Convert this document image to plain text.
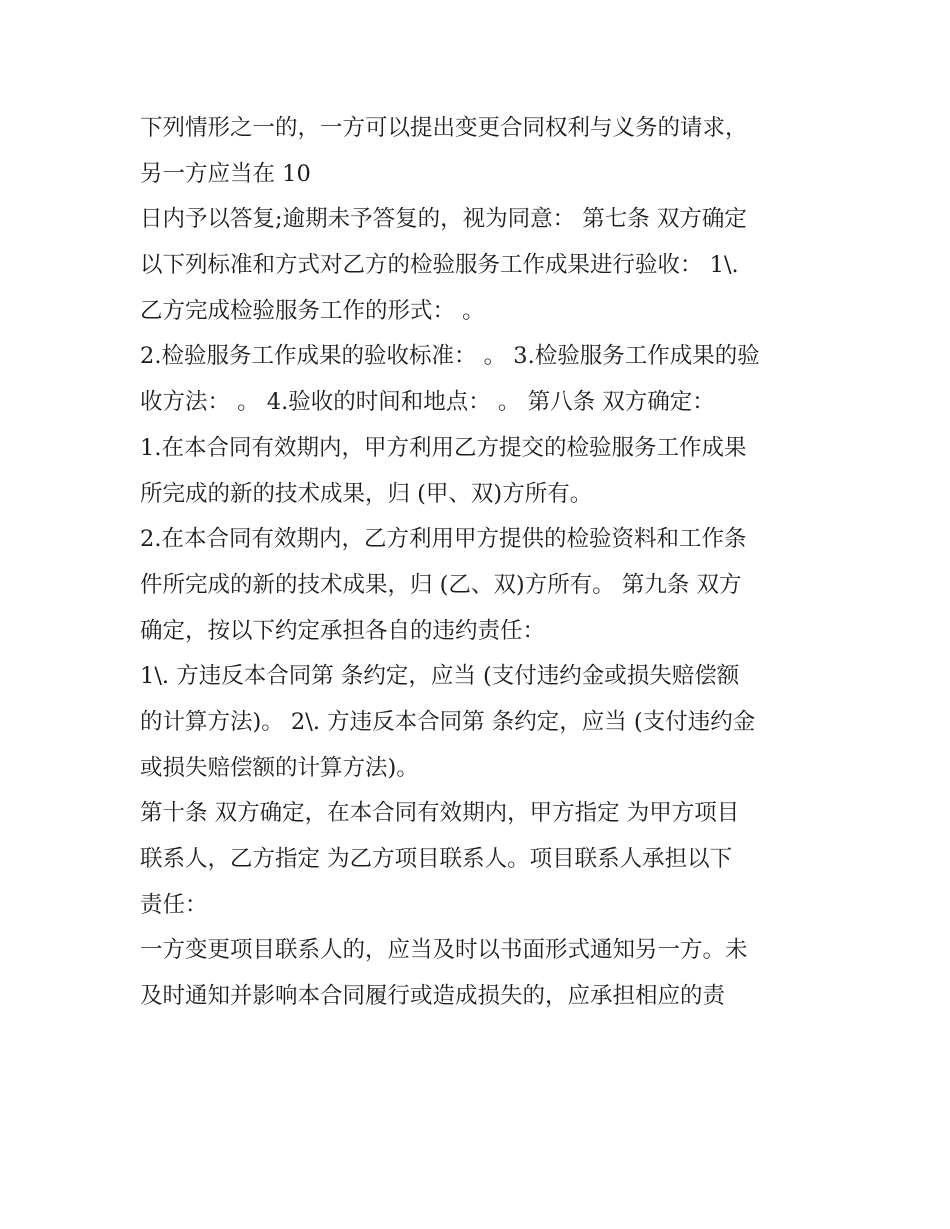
下列情形之一的，一方可以提出变更合同权利与义务的请求，
另一方应当在 10
日内予以答复;逾期未予答复的，视为同意： 第七条 双方确定
以下列标准和方式对乙方的检验服务工作成果进行验收： 1\.
乙方完成检验服务工作的形式： 。
2.检验服务工作成果的验收标准： 。 3.检验服务工作成果的验
收方法： 。 4.验收的时间和地点： 。 第八条 双方确定：
1.在本合同有效期内，甲方利用乙方提交的检验服务工作成果
所完成的新的技术成果，归 (甲、双)方所有。
2.在本合同有效期内，乙方利用甲方提供的检验资料和工作条
件所完成的新的技术成果，归 (乙、双)方所有。 第九条 双方
确定，按以下约定承担各自的违约责任：
1\. 方违反本合同第 条约定，应当 (支付违约金或损失赔偿额
的计算方法)。 2\. 方违反本合同第 条约定，应当 (支付违约金
或损失赔偿额的计算方法)。
第十条 双方确定，在本合同有效期内，甲方指定 为甲方项目
联系人，乙方指定 为乙方项目联系人。项目联系人承担以下
责任：
一方变更项目联系人的，应当及时以书面形式通知另一方。未
及时通知并影响本合同履行或造成损失的，应承担相应的责
